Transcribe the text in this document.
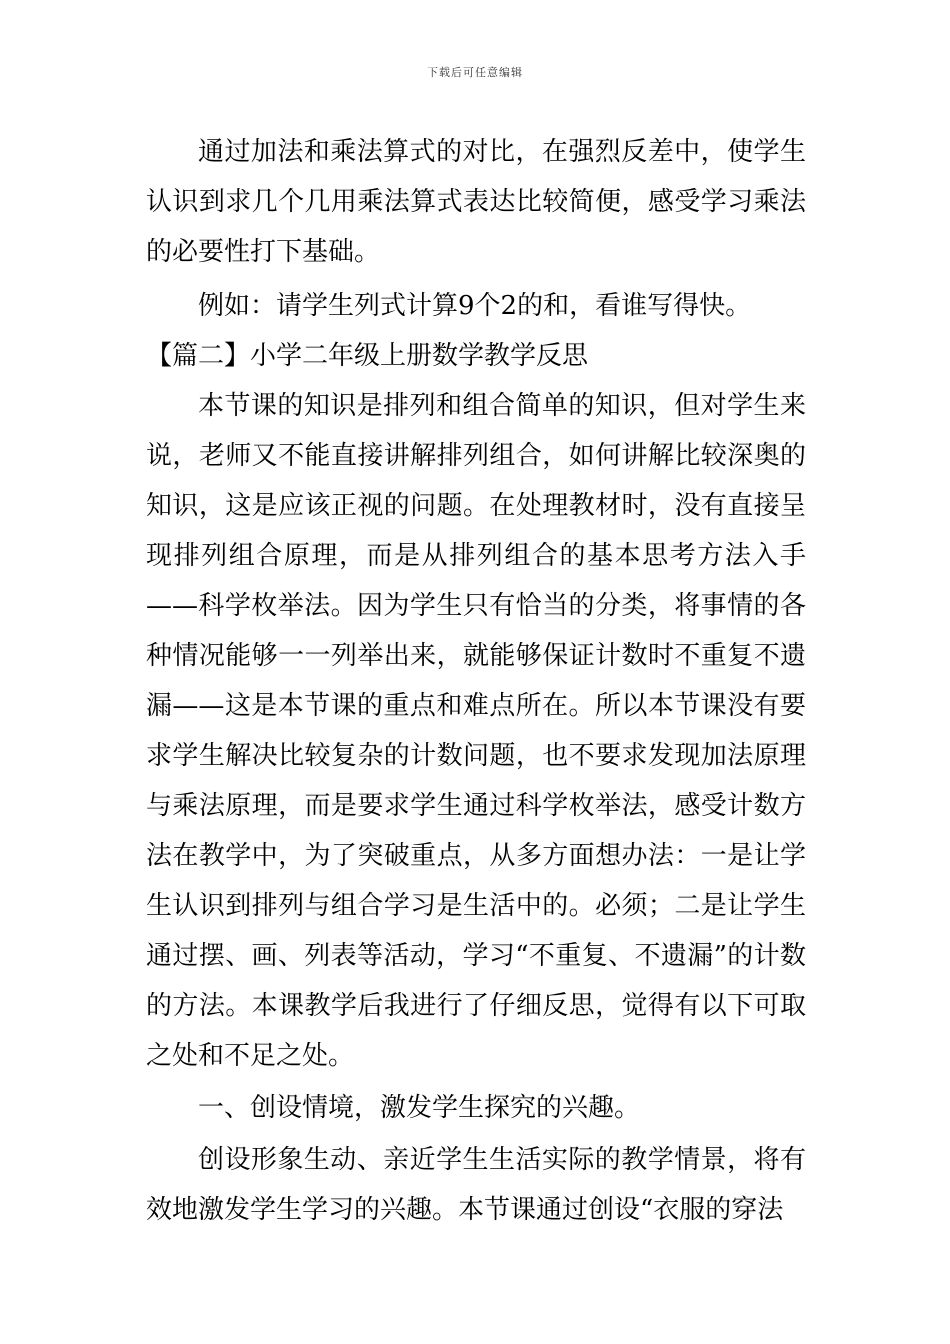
下载后可任意编辑

通过加法和乘法算式的对比，在强烈反差中，使学生认识到求几个几用乘法算式表达比较简便，感受学习乘法的必要性打下基础。

例如：请学生列式计算9个2的和，看谁写得快。

【篇二】小学二年级上册数学教学反思

本节课的知识是排列和组合简单的知识，但对学生来说，老师又不能直接讲解排列组合，如何讲解比较深奥的知识，这是应该正视的问题。在处理教材时，没有直接呈现排列组合原理，而是从排列组合的基本思考方法入手——科学枚举法。因为学生只有恰当的分类，将事情的各种情况能够一一列举出来，就能够保证计数时不重复不遗漏——这是本节课的重点和难点所在。所以本节课没有要求学生解决比较复杂的计数问题，也不要求发现加法原理与乘法原理，而是要求学生通过科学枚举法，感受计数方法在教学中，为了突破重点，从多方面想办法：一是让学生认识到排列与组合学习是生活中的。必须；二是让学生通过摆、画、列表等活动，学习“不重复、不遗漏”的计数的方法。本课教学后我进行了仔细反思，觉得有以下可取之处和不足之处。

一、创设情境，激发学生探究的兴趣。

创设形象生动、亲近学生生活实际的教学情景，将有效地激发学生学习的兴趣。本节课通过创设“衣服的穿法
